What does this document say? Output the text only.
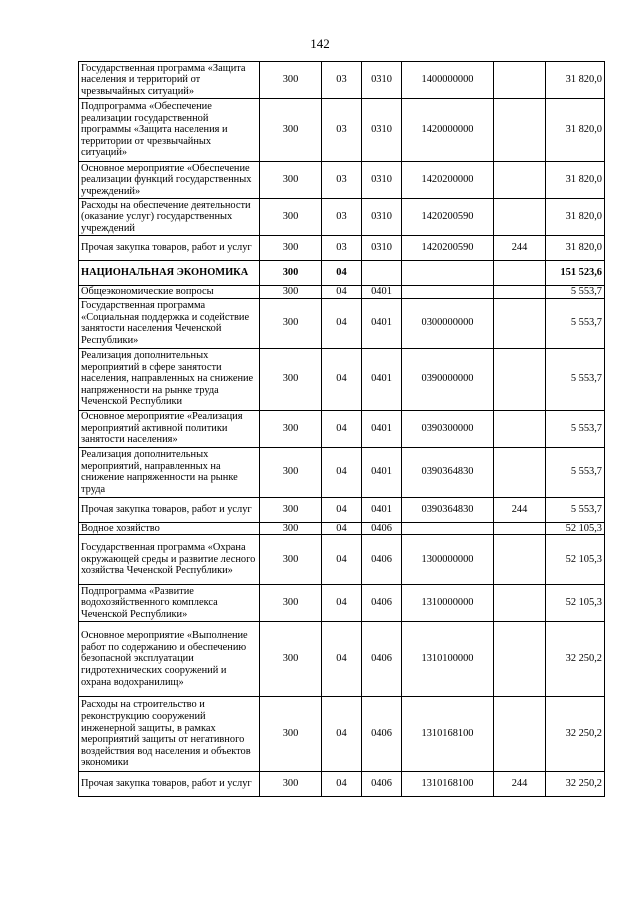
142
Государственная программа «Защита населения и территорий от чрезвычайных ситуаций»	300	03	0310	1400000000		31 820,0
Подпрограмма «Обеспечение реализации государственной программы «Защита населения и территории от чрезвычайных ситуаций»	300	03	0310	1420000000		31 820,0
Основное мероприятие «Обеспечение реализации функций государственных учреждений»	300	03	0310	1420200000		31 820,0
Расходы на обеспечение деятельности (оказание услуг) государственных учреждений	300	03	0310	1420200590		31 820,0
Прочая закупка товаров, работ и услуг	300	03	0310	1420200590	244	31 820,0
НАЦИОНАЛЬНАЯ ЭКОНОМИКА	300	04				151 523,6
Общеэкономические вопросы	300	04	0401			5 553,7
Государственная программа «Социальная поддержка и содействие занятости населения Чеченской Республики»	300	04	0401	0300000000		5 553,7
Реализация дополнительных мероприятий в сфере занятости населения, направленных на снижение напряженности на рынке труда Чеченской Республики	300	04	0401	0390000000		5 553,7
Основное мероприятие «Реализация мероприятий активной политики занятости населения»	300	04	0401	0390300000		5 553,7
Реализация дополнительных мероприятий, направленных на снижение напряженности на рынке труда	300	04	0401	0390364830		5 553,7
Прочая закупка товаров, работ и услуг	300	04	0401	0390364830	244	5 553,7
Водное хозяйство	300	04	0406			52 105,3
Государственная программа «Охрана окружающей среды и развитие лесного хозяйства Чеченской Республики»	300	04	0406	1300000000		52 105,3
Подпрограмма «Развитие водохозяйственного комплекса Чеченской Республики»	300	04	0406	1310000000		52 105,3
Основное мероприятие «Выполнение работ по содержанию и обеспечению безопасной эксплуатации гидротехнических сооружений и охрана водохранилищ»	300	04	0406	1310100000		32 250,2
Расходы на строительство и реконструкцию сооружений инженерной защиты, в рамках мероприятий защиты от негативного воздействия вод населения и объектов экономики	300	04	0406	1310168100		32 250,2
Прочая закупка товаров, работ и услуг	300	04	0406	1310168100	244	32 250,2
